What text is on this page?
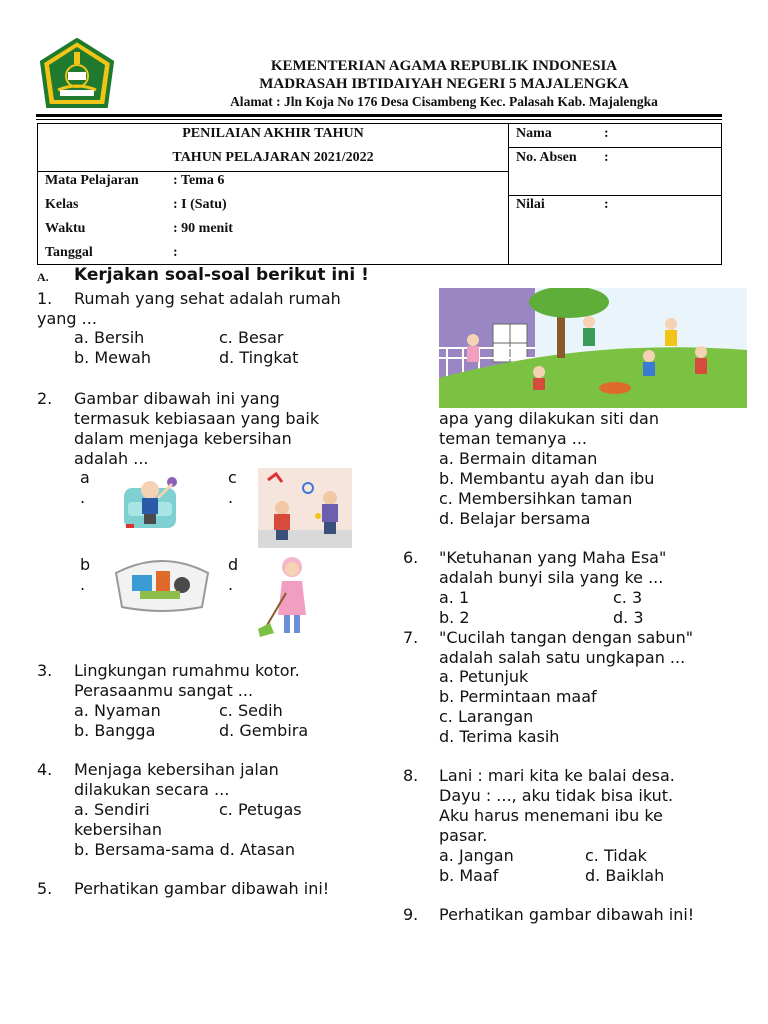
KEMENTERIAN AGAMA REPUBLIK INDONESIA
MADRASAH IBTIDAIYAH NEGERI 5 MAJALENGKA
Alamat : Jln Koja No 176 Desa Cisambeng Kec. Palasah Kab. Majalengka
PENILAIAN AKHIR TAHUN
TAHUN PELAJARAN 2021/2022
Mata Pelajaran : Tema 6
Kelas	: I (Satu)
Waktu	: 90 menit
Tanggal	:
Nama	:
No. Absen :
Nilai	:
A. Kerjakan soal-soal berikut ini !
1. Rumah yang sehat adalah rumah
yang ...
a. Bersih	c. Besar
b. Mewah	d. Tingkat
2. Gambar dibawah ini yang
termasuk kebiasaan yang baik
dalam menjaga kebersihan
adalah ...
a
.
c
.
b
.
d
.
3. Lingkungan rumahmu kotor.
Perasaanmu sangat ...
a. Nyaman	c. Sedih
b. Bangga	d. Gembira
4. Menjaga kebersihan jalan
dilakukan secara ...
a. Sendiri	c. Petugas
kebersihan
b. Bersama-sama d. Atasan
5. Perhatikan gambar dibawah ini!
apa yang dilakukan siti dan
teman temanya ...
a. Bermain ditaman
b. Membantu ayah dan ibu
c. Membersihkan taman
d. Belajar bersama
6. "Ketuhanan yang Maha Esa"
adalah bunyi sila yang ke ...
a. 1	c. 3
b. 2	d. 3
7. "Cucilah tangan dengan sabun"
adalah salah satu ungkapan ...
a. Petunjuk
b. Permintaan maaf
c. Larangan
d. Terima kasih
8. Lani : mari kita ke balai desa.
Dayu : ..., aku tidak bisa ikut.
Aku harus menemani ibu ke
pasar.
a. Jangan	c. Tidak
b. Maaf	d. Baiklah
9. Perhatikan gambar dibawah ini!
